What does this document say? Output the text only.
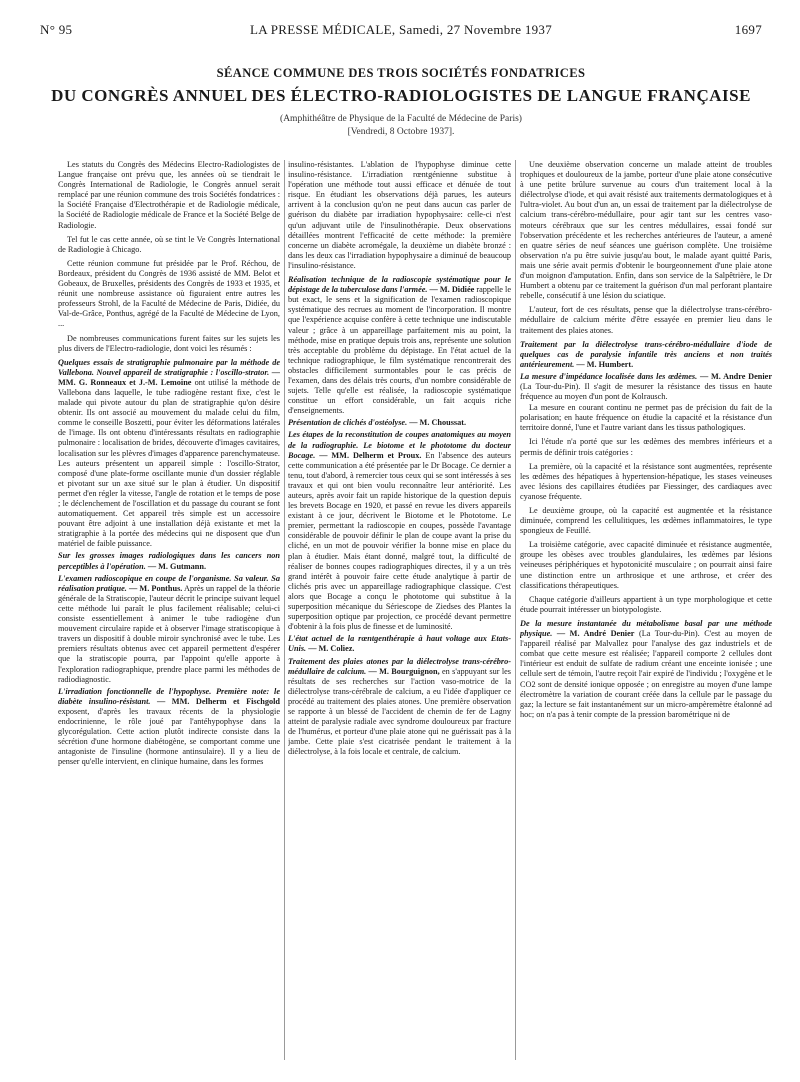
N° 95	LA PRESSE MÉDICALE, Samedi, 27 Novembre 1937	1697
SÉANCE COMMUNE DES TROIS SOCIÉTÉS FONDATRICES
DU CONGRÈS ANNUEL DES ÉLECTRO-RADIOLOGISTES DE LANGUE FRANÇAISE
(Amphithéâtre de Physique de la Faculté de Médecine de Paris)
[Vendredi, 8 Octobre 1937].

Les statuts du Congrès des Médecins Electro-Radiologistes de Langue française ont prévu que, les années où se tiendrait le Congrès International de Radiologie, le Congrès annuel serait remplacé par une réunion commune des trois Sociétés fondatrices : la Société Française d'Electrothérapie et de Radiologie médicale, la Société de Radiologie médicale de France et la Société Belge de Radiologie.

Tel fut le cas cette année, où se tint le Ve Congrès International de Radiologie à Chicago.

Cette réunion commune fut présidée par le Prof. Réchou, de Bordeaux, président du Congrès de 1936 assisté de MM. Belot et Gobeaux, de Bruxelles, présidents des Congrès de 1933 et 1935, et réunit une nombreuse assistance où figuraient entre autres les professeurs Strohl, de la Faculté de Médecine de Paris, Didiée, du Val-de-Grâce, Ponthus, agrégé de la Faculté de Médecine de Lyon, ...

De nombreuses communications furent faites sur les sujets les plus divers de l'Electro-radiologie, dont voici les résumés :

Quelques essais de stratigraphie pulmonaire par la méthode de Vallebona. Nouvel appareil de stratigraphie : l'oscillo-strator. — MM. G. Ronneaux et J.-M. Lemoine ont utilisé la méthode de Vallebona dans laquelle, le tube radiogène restant fixe, c'est le malade qui pivote autour du plan de stratigraphie qu'on désire obtenir. Ils ont associé au mouvement du malade celui du film, comme le conseille Boszetti, pour éviter les déformations latérales de l'image. Ils ont obtenu d'intéressants résultats en radiographie pulmonaire : localisation de brides, découverte d'images cavitaires, localisation sur les plèvres d'images d'apparence parenchymateuse. Les auteurs présentent un appareil simple : l'oscillo-Strator, composé d'une plate-forme oscillante munie d'un dossier réglable et pivotant sur un axe situé sur le plan à étudier. Un dispositif permet d'en régler la vitesse, l'angle de rotation et le temps de pose ; le déclenchement de l'oscillation et du passage du courant se font automatiquement. Cet appareil très simple est un accessoire pouvant être adjoint à une installation déjà existante et met la stratigraphie à la portée des médecins qui ne disposent que d'un matériel de faible puissance.

Sur les grosses images radiologiques dans les cancers non perceptibles à l'opération. — M. Gutmann.

L'examen radioscopique en coupe de l'organisme. Sa valeur. Sa réalisation pratique. — M. Ponthus. Après un rappel de la théorie générale de la Stratiscopie, l'auteur décrit le principe suivant lequel cette méthode lui paraît le plus facilement réalisable; celui-ci consiste essentiellement à animer le tube radiogène d'un mouvement circulaire rapide et à observer l'image stratiscopique à travers un dispositif à double miroir synchronisé avec le tube. Les premiers résultats obtenus avec cet appareil permettent d'espérer que la stratiscopie pourra, par l'appoint qu'elle apporte à l'exploration radiographique, prendre place parmi les méthodes de radiodiagnostic.

L'irradiation fonctionnelle de l'hypophyse. Première note: le diabète insulino-résistant. — MM. Delherm et Fischgold exposent, d'après les travaux récents de la physiologie endocrinienne, le rôle joué par l'antéhypophyse dans la glycorégulation. Cette action plutôt indirecte consiste dans la sécrétion d'une hormone diabétogène, se comportant comme une antagoniste de l'insuline (hormone antinsulaire). Il y a lieu de penser qu'elle intervient, en clinique humaine, dans les formes

insulino-résistantes. L'ablation de l'hypophyse diminue cette insulino-résistance. L'irradiation rœntgénienne substitue à l'opération une méthode tout aussi efficace et dénuée de tout risque. En étudiant les observations déjà parues, les auteurs arrivent à la conclusion qu'on ne peut dans aucun cas parler de guérison du diabète par irradiation hypophysaire: celle-ci n'est qu'un adjuvant utile de l'insulinothérapie. Deux observations détaillées montrent l'efficacité de cette méthode: la première concerne un diabète acromégale, la deuxième un diabète bronzé : dans les deux cas l'irradiation hypophysaire a diminué de beaucoup l'insulino-résistance.

Réalisation technique de la radioscopie systématique pour le dépistage de la tuberculose dans l'armée. — M. Didiée rappelle le but exact, le sens et la signification de l'examen radioscopique systématique des recrues au moment de l'incorporation. Il montre que l'expérience acquise confère à cette technique une indiscutable valeur ; grâce à un appareillage parfaitement mis au point, la méthode, mise en pratique depuis trois ans, représente une solution très acceptable du problème du dépistage. En l'état actuel de la technique radiographique, le film systématique rencontrerait des obstacles difficilement surmontables pour le cas précis de l'examen, dans des délais très courts, d'un nombre considérable de sujets. Telle qu'elle est réalisée, la radioscopie systématique constitue un effort considérable, un fait acquis riche d'enseignements.

Présentation de clichés d'ostéolyse. — M. Choussat.

Les étapes de la reconstitution de coupes anatomiques au moyen de la radiographie. Le biotome et le phototome du docteur Bocage. — MM. Delherm et Proux. En l'absence des auteurs cette communication a été présentée par le Dr Bocage. Ce dernier a tenu, tout d'abord, à remercier tous ceux qui se sont intéressés à ses travaux et qui ont bien voulu reconnaître leur antériorité. Les auteurs, après avoir fait un rapide historique de la question depuis les brevets Bocage en 1920, et passé en revue les divers appareils existant à ce jour, décrivent le Biotome et le Phototome. Le premier, permettant la radioscopie en coupes, possède l'avantage considérable de pouvoir définir le plan de coupe avant la prise du cliché, en un mot de pouvoir vérifier la bonne mise en place du plan à étudier. Mais étant donné, malgré tout, la difficulté de réaliser de bonnes coupes radiographiques directes, il y a un très grand intérêt à pouvoir faire cette étude analytique à partir de clichés pris avec un appareillage radiographique classique. C'est alors que Bocage a conçu le phototome qui substitue à la superposition mécanique du Sériescope de Ziedses des Plantes la superposition optique par projection, ce procédé devant permettre d'obtenir à la fois plus de finesse et de luminosité.

L'état actuel de la rœntgenthérapie à haut voltage aux Etats-Unis. — M. Coliez.

Traitement des plaies atones par la diélectrolyse trans-cérébro-médullaire de calcium. — M. Bourguignon, en s'appuyant sur les résultats de ses recherches sur l'action vaso-motrice de la diélectrolyse trans-cérébrale de calcium, a eu l'idée d'appliquer ce procédé au traitement des plaies atones. Une première observation se rapporte à un blessé de l'accident de chemin de fer de Lagny atteint de paralysie radiale avec syndrome douloureux par fracture de l'humérus, et porteur d'une plaie atone qui ne guérissait pas à la jambe. Cette plaie s'est cicatrisée pendant le traitement à la diélectrolyse, à la fois locale et centrale, de calcium.

Une deuxième observation concerne un malade atteint de troubles trophiques et douloureux de la jambe, porteur d'une plaie atone consécutive à une petite brûlure survenue au cours d'un traitement local à la diélectrolyse d'iode, et qui avait résisté aux traitements dermatologiques et à l'ultra-violet. Au bout d'un an, un essai de traitement par la diélectrolyse de calcium trans-cérébro-médullaire, pour agir tant sur les centres vaso-moteurs cérébraux que sur les centres médullaires, essai fondé sur l'observation précédente et les recherches antérieures de l'auteur, a amené en quatre séries de neuf séances une guérison complète. Une troisième observation n'a pu être suivie jusqu'au bout, le malade ayant quitté Paris, mais une série avait permis d'obtenir le bourgeonnement d'une plaie atone d'un moignon d'amputation. Enfin, dans son service de la Salpêtrière, le Dr Humbert a obtenu par ce traitement la guérison d'un mal perforant plantaire rebelle, consécutif à une lésion du sciatique.

L'auteur, fort de ces résultats, pense que la diélectrolyse trans-cérébro-médullaire de calcium mérite d'être essayée en premier lieu dans le traitement des plaies atones.

Traitement par la diélectrolyse trans-cérébro-médullaire d'iode de quelques cas de paralysie infantile très anciens et non traités antérieurement. — M. Humbert.

La mesure d'impédance localisée dans les œdèmes. — M. Andre Denier (La Tour-du-Pin). Il s'agit de mesurer la résistance des tissus en haute fréquence au moyen d'un pont de Kolrausch.

La mesure en courant continu ne permet pas de précision du fait de la polarisation; en haute fréquence on étudie la capacité et la résistance d'un territoire donné, l'une et l'autre variant dans les tissus pathologiques.

Ici l'étude n'a porté que sur les œdèmes des membres inférieurs et a permis de définir trois catégories :

La première, où la capacité et la résistance sont augmentées, représente les œdèmes des hépatiques à hypertension-hépatique, les stases veineuses avec lésions des capillaires étudiées par Fiessinger, des cardiaques avec cyanose fréquente.

Le deuxième groupe, où la capacité est augmentée et la résistance diminuée, comprend les cellulitiques, les œdèmes inflammatoires, le type spongieux de Feuillé.

La troisième catégorie, avec capacité diminuée et résistance augmentée, groupe les obèses avec troubles glandulaires, les œdèmes par lésions veineuses périphériques et hypotonicité musculaire ; on pourrait ainsi faire une distinction entre un arthrosique et une arthrose, et créer des classifications thérapeutiques.

Chaque catégorie d'ailleurs appartient à un type morphologique et cette étude pourrait intéresser un biotypologiste.

De la mesure instantanée du métabolisme basal par une méthode physique. — M. André Denier (La Tour-du-Pin). C'est au moyen de l'appareil réalisé par Malvallez pour l'analyse des gaz industriels et de combat que cette mesure est réalisée; l'appareil comporte 2 cellules dont l'intérieur est enduit de sulfate de radium créant une enceinte ionisée ; une cellule sert de témoin, l'autre reçoit l'air expiré de l'individu ; l'oxygène et le CO2 sont de densité ionique opposée ; on enregistre au moyen d'une lampe électromètre la variation de courant créée dans la cellule par le passage du gaz; la lecture se fait instantanément sur un micro-ampèremètre étalonné ad hoc; on n'a pas à tenir compte de la pression barométrique ni de
